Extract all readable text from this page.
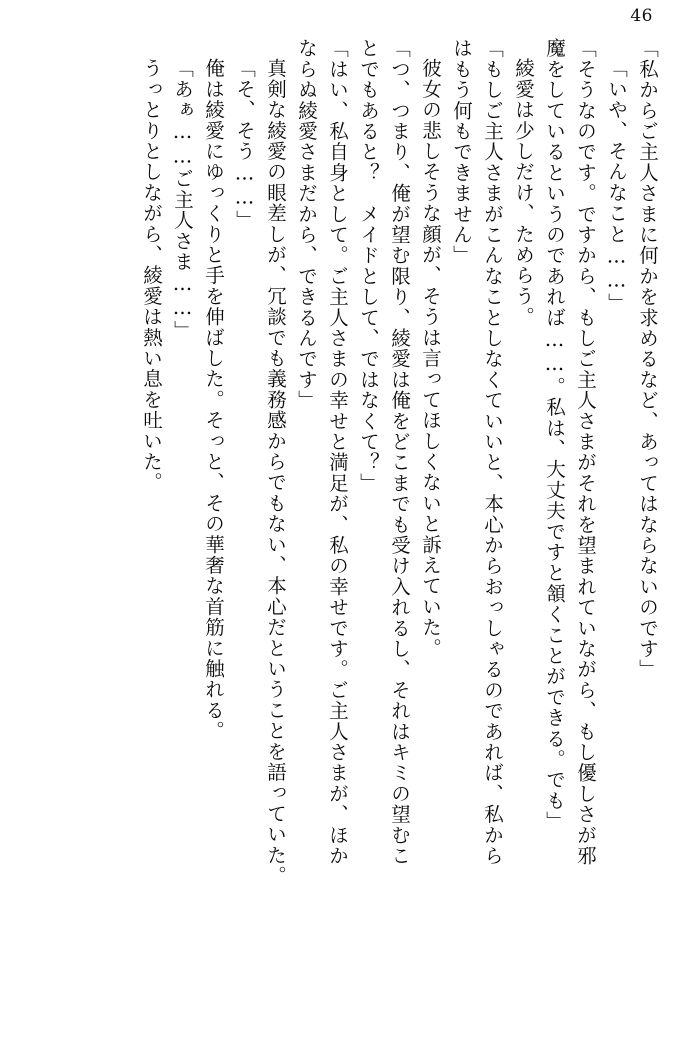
46
「私からご主人さまに何かを求めるなど、あってはならないのです」
「いや、そんなこと……」
「そうなのです。ですから、もしご主人さまがそれを望まれていながら、もし優しさが邪
魔をしているというのであれば……。私は、大丈夫ですと頷くことができる。でも」
綾愛は少しだけ、ためらう。
「もしご主人さまがこんなことしなくていいと、本心からおっしゃるのであれば、私から
はもう何もできません」
彼女の悲しそうな顔が、そうは言ってほしくないと訴えていた。
「つ、つまり、俺が望む限り、綾愛は俺をどこまでも受け入れるし、それはキミの望むこ
とでもあると？　メイドとして、ではなくて？」
「はい、私自身として。ご主人さまの幸せと満足が、私の幸せです。ご主人さまが、ほか
ならぬ綾愛さまだから、できるんです」
真剣な綾愛の眼差しが、冗談でも義務感からでもない、本心だということを語っていた。
「そ、そう……」
俺は綾愛にゆっくりと手を伸ばした。そっと、その華奢な首筋に触れる。
「あぁ……ご主人さま……」
うっとりとしながら、綾愛は熱い息を吐いた。
